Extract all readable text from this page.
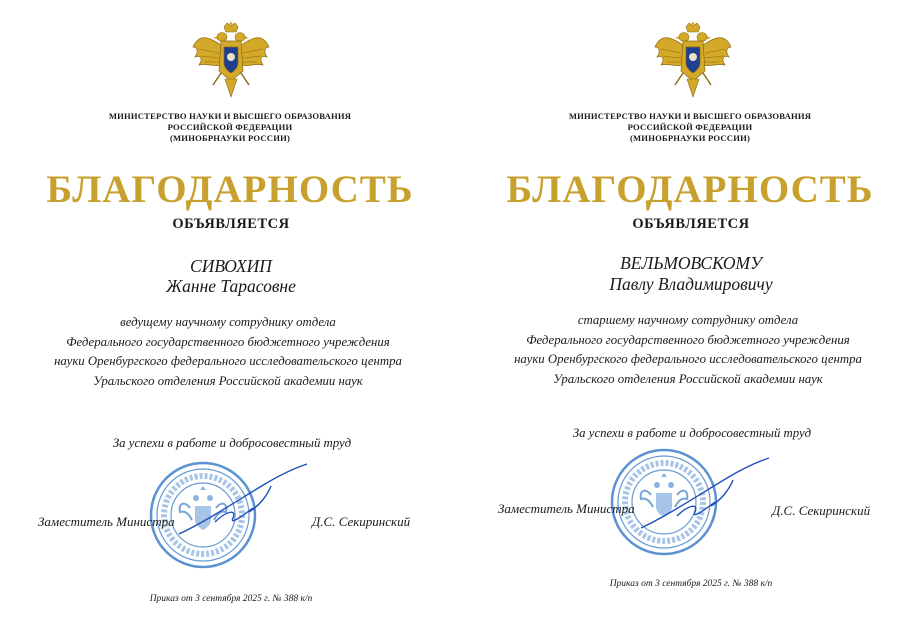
МИНИСТЕРСТВО НАУКИ И ВЫСШЕГО ОБРАЗОВАНИЯ
РОССИЙСКОЙ ФЕДЕРАЦИИ
(МИНОБРНАУКИ РОССИИ)
БЛАГОДАРНОСТЬ
ОБЪЯВЛЯЕТСЯ
СИВОХИП
Жанне Тарасовне
ведущему научному сотруднику отдела
Федерального государственного бюджетного учреждения
науки Оренбургского федерального исследовательского центра
Уральского отделения Российской академии наук
За успехи в работе и добросовестный труд
Заместитель Министра	Д.С. Секиринский
Приказ от 3 сентября 2025 г. № 388 к/п
МИНИСТЕРСТВО НАУКИ И ВЫСШЕГО ОБРАЗОВАНИЯ
РОССИЙСКОЙ ФЕДЕРАЦИИ
(МИНОБРНАУКИ РОССИИ)
БЛАГОДАРНОСТЬ
ОБЪЯВЛЯЕТСЯ
ВЕЛЬМОВСКОМУ
Павлу Владимировичу
старшему научному сотруднику отдела
Федерального государственного бюджетного учреждения
науки Оренбургского федерального исследовательского центра
Уральского отделения Российской академии наук
За успехи в работе и добросовестный труд
Заместитель Министра	Д.С. Секиринский
Приказ от 3 сентября 2025 г. № 388 к/п
